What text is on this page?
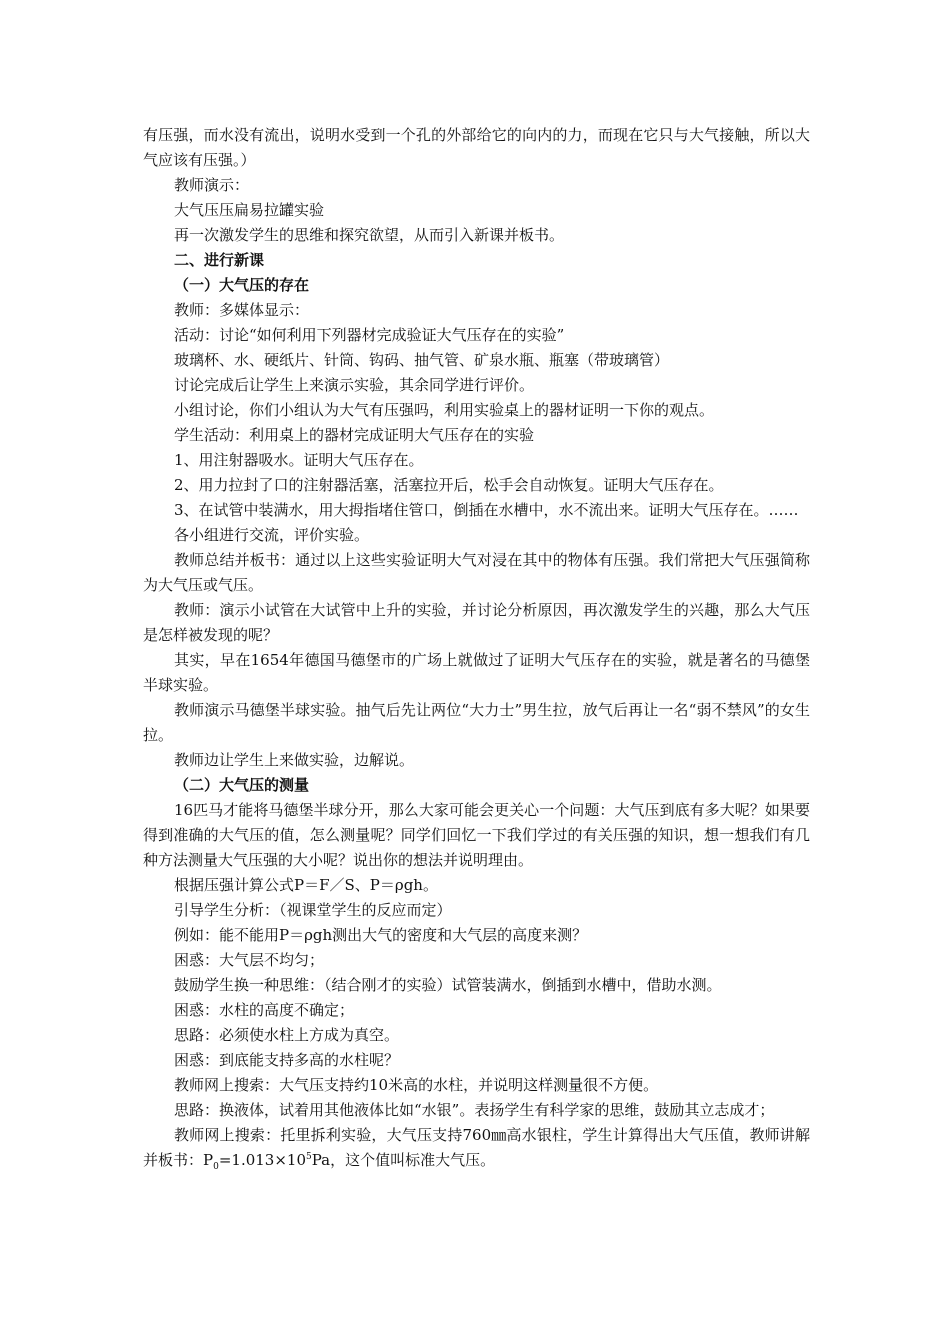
有压强，而水没有流出，说明水受到一个孔的外部给它的向内的力，而现在它只与大气接触，所以大气应该有压强。）

教师演示：

大气压压扁易拉罐实验

再一次激发学生的思维和探究欲望，从而引入新课并板书。

二、进行新课

（一）大气压的存在

教师：多媒体显示：

活动：讨论“如何利用下列器材完成验证大气压存在的实验”

玻璃杯、水、硬纸片、针筒、钩码、抽气管、矿泉水瓶、瓶塞（带玻璃管）

讨论完成后让学生上来演示实验，其余同学进行评价。

小组讨论，你们小组认为大气有压强吗，利用实验桌上的器材证明一下你的观点。

学生活动：利用桌上的器材完成证明大气压存在的实验

1、用注射器吸水。证明大气压存在。

2、用力拉封了口的注射器活塞，活塞拉开后，松手会自动恢复。证明大气压存在。

3、在试管中装满水，用大拇指堵住管口，倒插在水槽中，水不流出来。证明大气压存在。……

各小组进行交流，评价实验。

教师总结并板书：通过以上这些实验证明大气对浸在其中的物体有压强。我们常把大气压强简称为大气压或气压。

教师：演示小试管在大试管中上升的实验，并讨论分析原因，再次激发学生的兴趣，那么大气压是怎样被发现的呢？

其实，早在1654年德国马德堡市的广场上就做过了证明大气压存在的实验，就是著名的马德堡半球实验。

教师演示马德堡半球实验。抽气后先让两位“大力士”男生拉，放气后再让一名“弱不禁风”的女生拉。

教师边让学生上来做实验，边解说。

（二）大气压的测量

16匹马才能将马德堡半球分开，那么大家可能会更关心一个问题：大气压到底有多大呢？如果要得到准确的大气压的值，怎么测量呢？同学们回忆一下我们学过的有关压强的知识，想一想我们有几种方法测量大气压强的大小呢？说出你的想法并说明理由。

根据压强计算公式P＝F／S、P＝ρgh。

引导学生分析：（视课堂学生的反应而定）

例如：能不能用P＝ρgh测出大气的密度和大气层的高度来测？

困惑：大气层不均匀；

鼓励学生换一种思维：（结合刚才的实验）试管装满水，倒插到水槽中，借助水测。

困惑：水柱的高度不确定；

思路：必须使水柱上方成为真空。

困惑：到底能支持多高的水柱呢？

教师网上搜索：大气压支持约10米高的水柱，并说明这样测量很不方便。

思路：换液体，试着用其他液体比如“水银”。表扬学生有科学家的思维，鼓励其立志成才；

教师网上搜索：托里拆利实验，大气压支持760㎜高水银柱，学生计算得出大气压值，教师讲解并板书：$P_0=1.013\times 10^5Pa$，这个值叫标准大气压。
